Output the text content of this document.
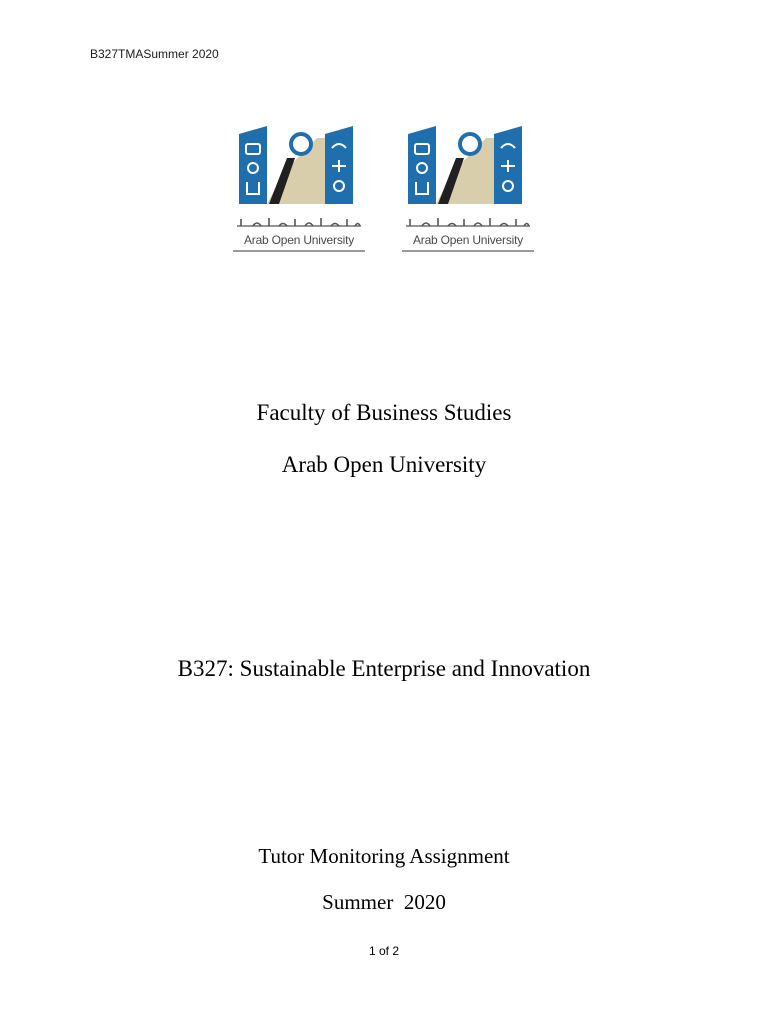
B327TMASummer 2020
Arab Open University	Arab Open University
Faculty of Business Studies
Arab Open University
B327: Sustainable Enterprise and Innovation
Tutor Monitoring Assignment
Summer  2020
1 of 2
